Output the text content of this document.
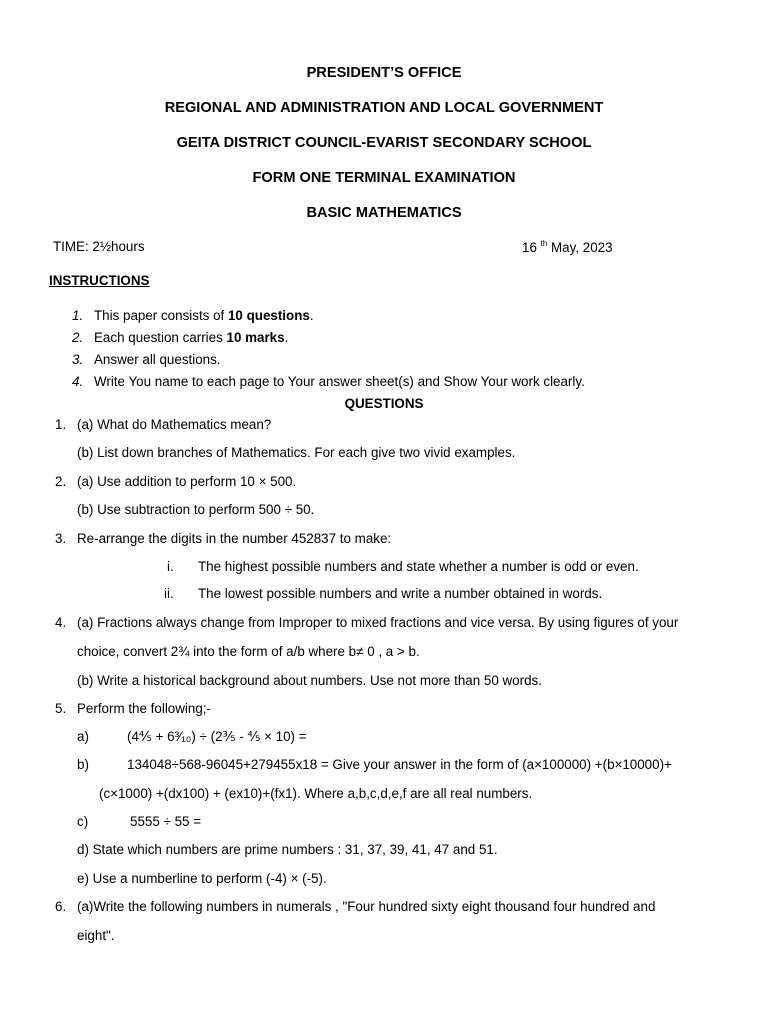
PRESIDENT’S OFFICE
REGIONAL AND ADMINISTRATION AND LOCAL GOVERNMENT
GEITA DISTRICT COUNCIL-EVARIST SECONDARY SCHOOL
FORM ONE TERMINAL EXAMINATION
BASIC MATHEMATICS
TIME: 2½hours	16 $^{th}$ May, 2023
INSTRUCTIONS
1. This paper consists of 10 questions.
2. Each question carries 10 marks.
3. Answer all questions.
4. Write You name to each page to Your answer sheet(s) and Show Your work clearly.
QUESTIONS
1. (a) What do Mathematics mean?
(b) List down branches of Mathematics. For each give two vivid examples.
2. (a) Use addition to perform 10 × 500.
(b) Use subtraction to perform 500 ÷ 50.
3. Re-arrange the digits in the number 452837 to make:
i. The highest possible numbers and state whether a number is odd or even.
ii. The lowest possible numbers and write a number obtained in words.
4. (a) Fractions always change from Improper to mixed fractions and vice versa. By using figures of your
choice, convert 2¾ into the form of a/b where b≠ 0 , a > b.
(b) Write a historical background about numbers. Use not more than 50 words.
5. Perform the following;-
a)	(4⅘ + 6³⁄₁₀) ÷ (2⅗ - ⅘ × 10) =
b)	134048÷568-96045+279455x18 = Give your answer in the form of (a×100000) +(b×10000)+
(c×1000) +(dx100) + (ex10)+(fx1). Where a,b,c,d,e,f are all real numbers.
c)	5555 ÷ 55 =
d) State which numbers are prime numbers : 31, 37, 39, 41, 47 and 51.
e) Use a numberline to perform (-4) × (-5).
6. (a)Write the following numbers in numerals , "Four hundred sixty eight thousand four hundred and
eight".
